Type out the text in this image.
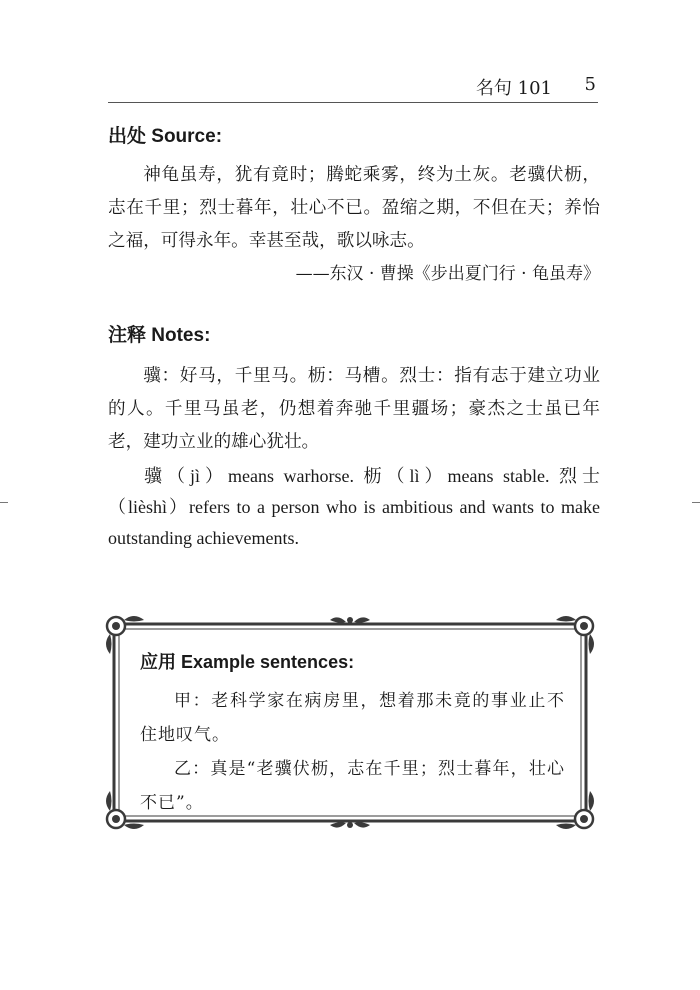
名句 101 5
出处 Source:

神龟虽寿，犹有竟时；腾蛇乘雾，终为土灰。老骥伏枥，志在千里；烈士暮年，壮心不已。盈缩之期，不但在天；养怡之福，可得永年。幸甚至哉，歌以咏志。

——东汉 · 曹操《步出夏门行 · 龟虽寿》
注释 Notes:

骥：好马，千里马。枥：马槽。烈士：指有志于建立功业的人。千里马虽老，仍想着奔驰千里疆场；豪杰之士虽已年老，建功立业的雄心犹壮。

骥（jì）means warhorse. 枥（lì）means stable. 烈士（lièshì）refers to a person who is ambitious and wants to make outstanding achievements.

应用 Example sentences:

甲：老科学家在病房里，想着那未竟的事业止不住地叹气。

乙：真是“老骥伏枥，志在千里；烈士暮年，壮心不已”。
